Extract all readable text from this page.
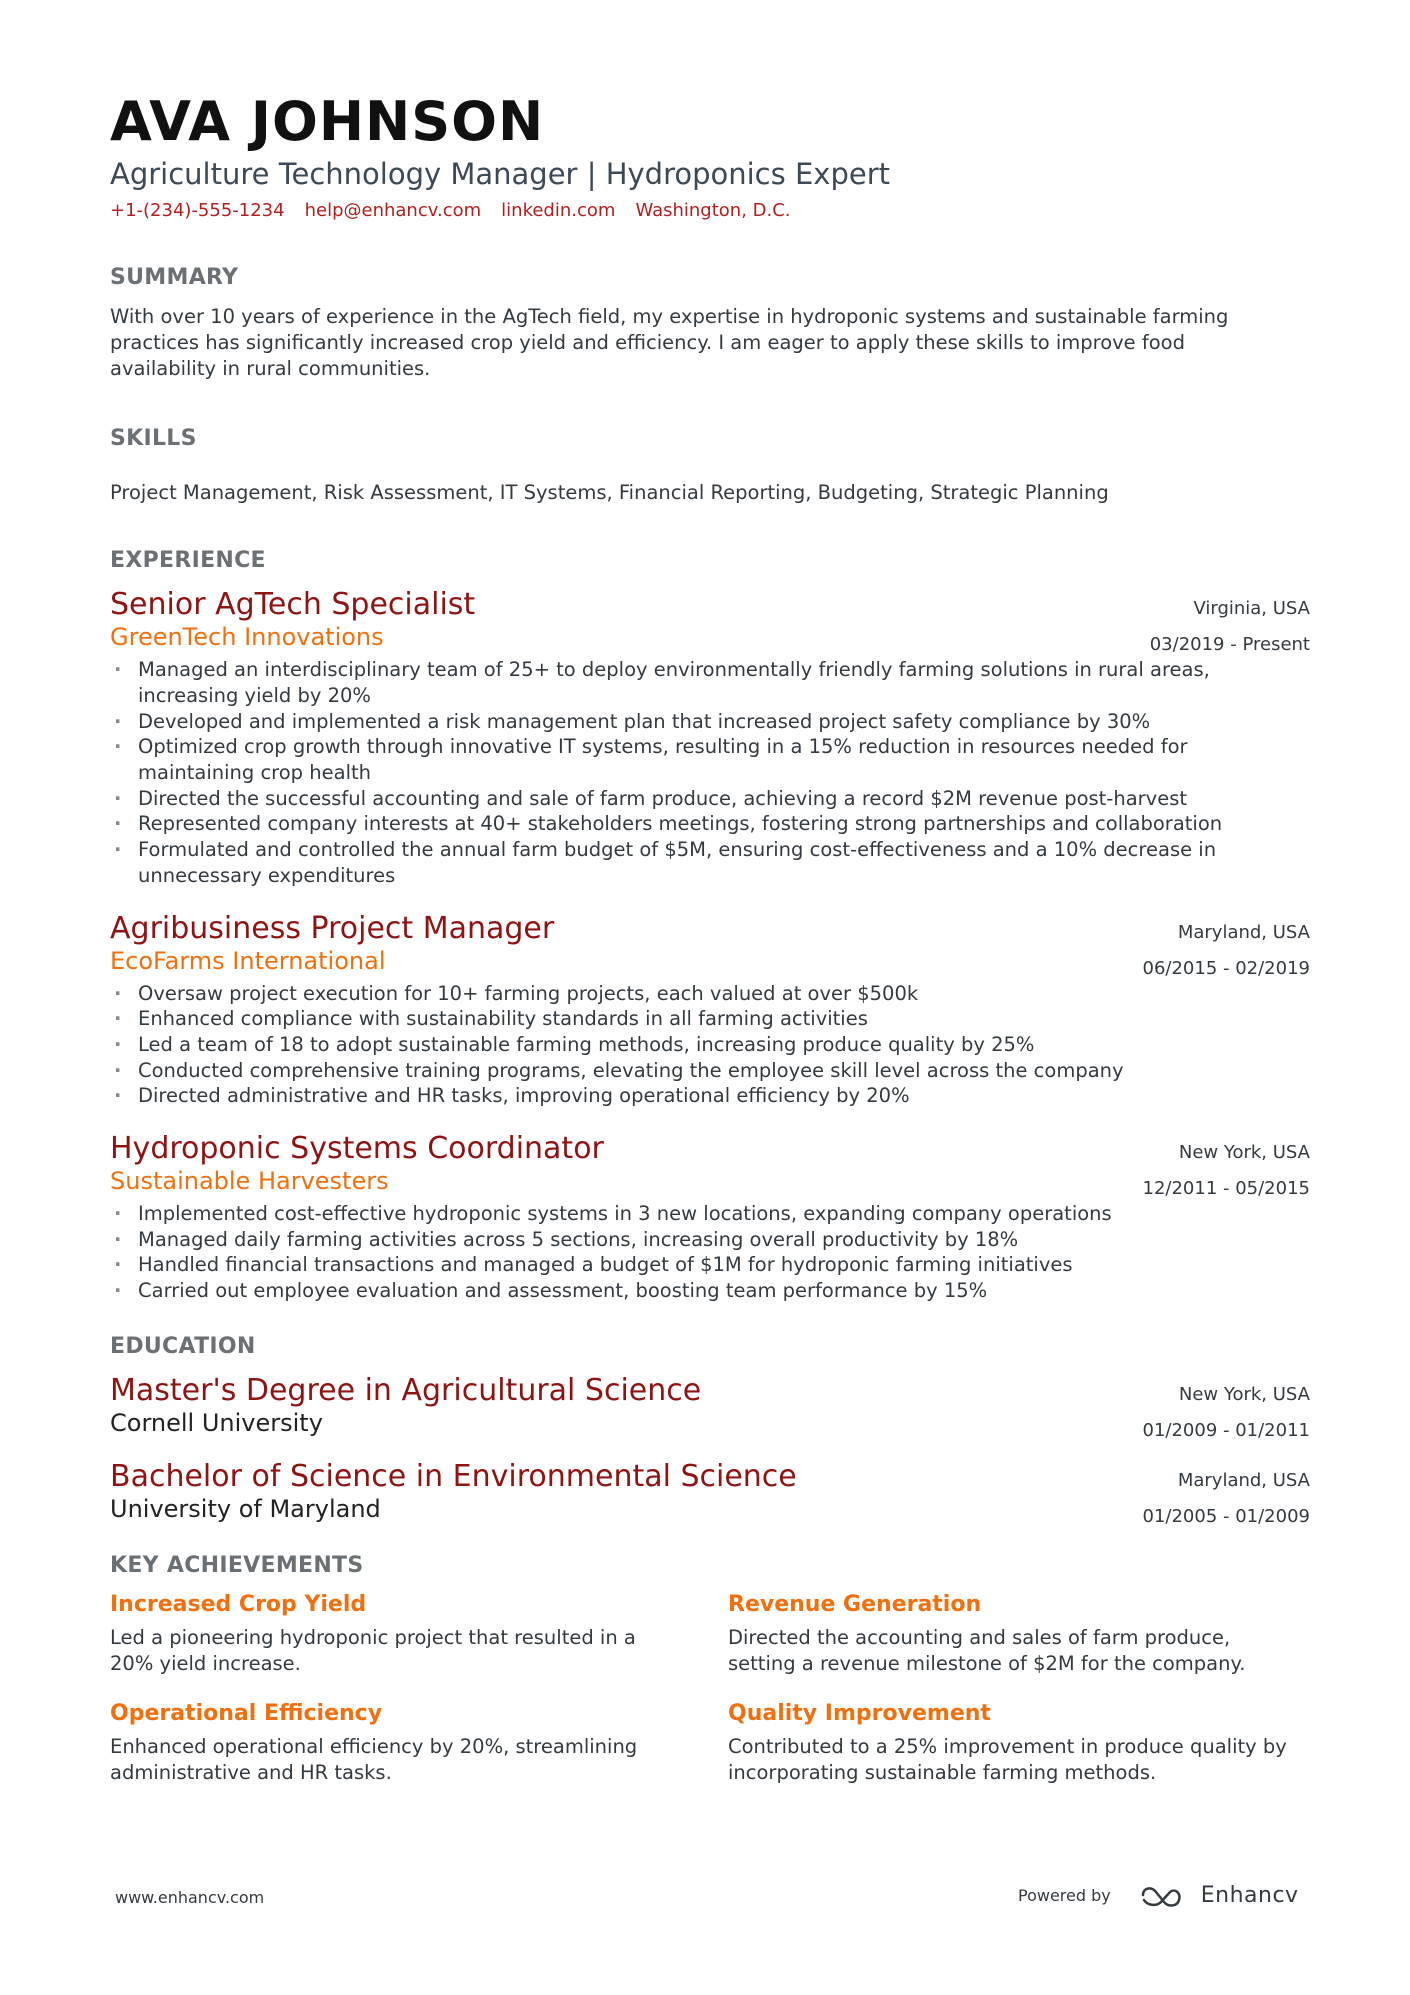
AVA JOHNSON
Agriculture Technology Manager | Hydroponics Expert
+1-(234)-555-1234 help@enhancv.com linkedin.com Washington, D.C.
SUMMARY
With over 10 years of experience in the AgTech field, my expertise in hydroponic systems and sustainable farming practices has significantly increased crop yield and efficiency. I am eager to apply these skills to improve food availability in rural communities.
SKILLS
Project Management, Risk Assessment, IT Systems, Financial Reporting, Budgeting, Strategic Planning
EXPERIENCE
Senior AgTech Specialist
GreenTech Innovations
Virginia, USA
03/2019 - Present
· Managed an interdisciplinary team of 25+ to deploy environmentally friendly farming solutions in rural areas, increasing yield by 20%
· Developed and implemented a risk management plan that increased project safety compliance by 30%
· Optimized crop growth through innovative IT systems, resulting in a 15% reduction in resources needed for maintaining crop health
· Directed the successful accounting and sale of farm produce, achieving a record $2M revenue post-harvest
· Represented company interests at 40+ stakeholders meetings, fostering strong partnerships and collaboration
· Formulated and controlled the annual farm budget of $5M, ensuring cost-effectiveness and a 10% decrease in unnecessary expenditures
Agribusiness Project Manager
EcoFarms International
Maryland, USA
06/2015 - 02/2019
· Oversaw project execution for 10+ farming projects, each valued at over $500k
· Enhanced compliance with sustainability standards in all farming activities
· Led a team of 18 to adopt sustainable farming methods, increasing produce quality by 25%
· Conducted comprehensive training programs, elevating the employee skill level across the company
· Directed administrative and HR tasks, improving operational efficiency by 20%
Hydroponic Systems Coordinator
Sustainable Harvesters
New York, USA
12/2011 - 05/2015
· Implemented cost-effective hydroponic systems in 3 new locations, expanding company operations
· Managed daily farming activities across 5 sections, increasing overall productivity by 18%
· Handled financial transactions and managed a budget of $1M for hydroponic farming initiatives
· Carried out employee evaluation and assessment, boosting team performance by 15%
EDUCATION
Master's Degree in Agricultural Science
Cornell University
New York, USA
01/2009 - 01/2011
Bachelor of Science in Environmental Science
University of Maryland
Maryland, USA
01/2005 - 01/2009
KEY ACHIEVEMENTS
Increased Crop Yield
Led a pioneering hydroponic project that resulted in a 20% yield increase.
Revenue Generation
Directed the accounting and sales of farm produce, setting a revenue milestone of $2M for the company.
Operational Efficiency
Enhanced operational efficiency by 20%, streamlining administrative and HR tasks.
Quality Improvement
Contributed to a 25% improvement in produce quality by incorporating sustainable farming methods.
www.enhancv.com	Powered by	Enhancv
